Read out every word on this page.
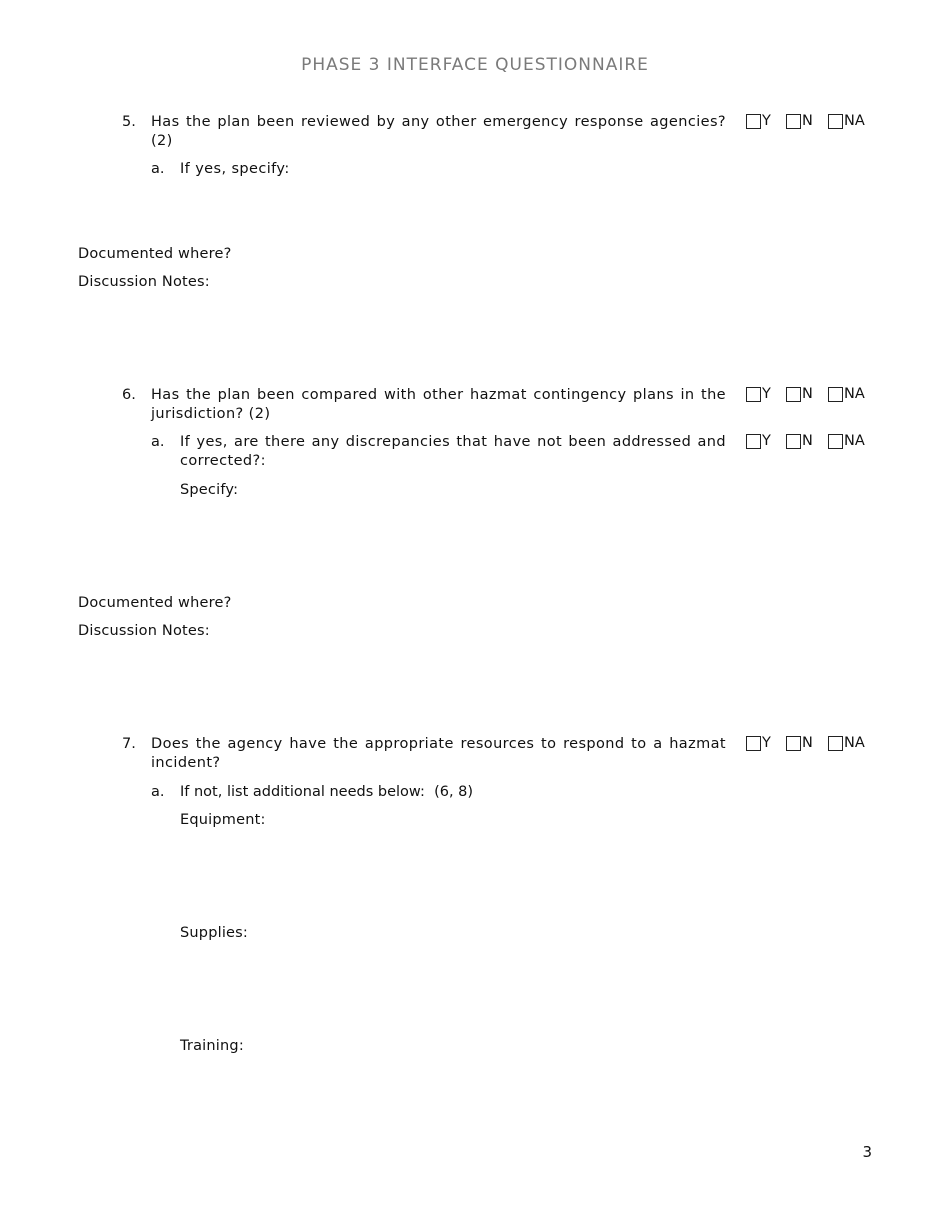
PHASE 3 INTERFACE QUESTIONNAIRE
5.	Has the plan been reviewed by any other emergency response agencies? (2)
Y N NA
a. If yes, specify:
Documented where?
Discussion Notes:
6.	Has the plan been compared with other hazmat contingency plans in the jurisdiction? (2)
Y N NA
a. If yes, are there any discrepancies that have not been addressed and corrected?:
Y N NA
Specify:
Documented where?
Discussion Notes:
7.	Does the agency have the appropriate resources to respond to a hazmat incident?
Y N NA
a. If not, list additional needs below:  (6, 8)
Equipment:
Supplies:
Training:
3
